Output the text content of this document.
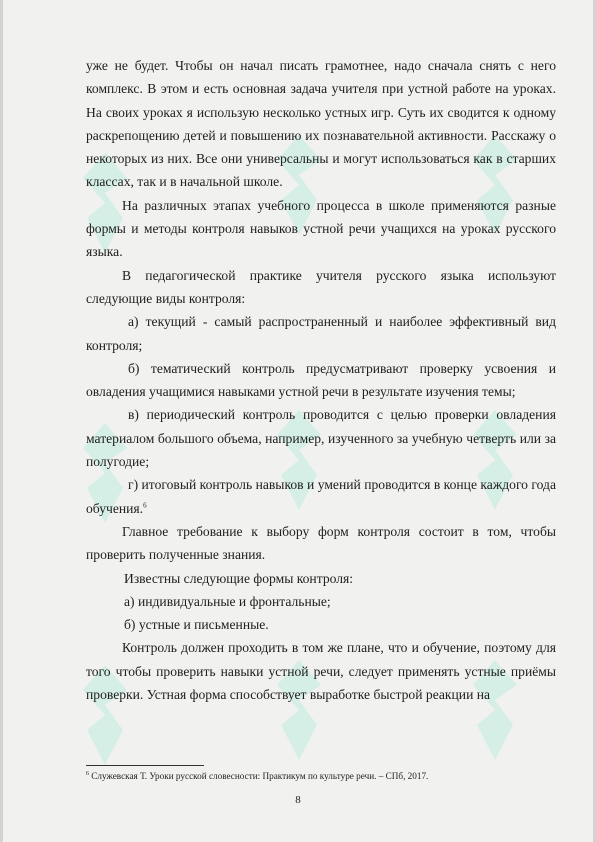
уже не будет. Чтобы он начал писать грамотнее, надо сначала снять с него комплекс. В этом и есть основная задача учителя при устной работе на уроках. На своих уроках я использую несколько устных игр. Суть их сводится к одному раскрепощению детей и повышению их познавательной активности. Расскажу о некоторых из них. Все они универсальны и могут использоваться как в старших классах, так и в начальной школе.

На различных этапах учебного процесса в школе применяются разные формы и методы контроля навыков устной речи учащихся на уроках русского языка.

В педагогической практике учителя русского языка используют следующие виды контроля:

а) текущий - самый распространенный и наиболее эффективный вид контроля;

б) тематический контроль предусматривают проверку усвоения и овладения учащимися навыками устной речи в результате изучения темы;

в) периодический контроль проводится с целью проверки овладения материалом большого объема, например, изученного за учебную четверть или за полугодие;

г) итоговый контроль навыков и умений проводится в конце каждого года обучения.$^6$

Главное требование к выбору форм контроля состоит в том, чтобы проверить полученные знания.

Известны следующие формы контроля:

а) индивидуальные и фронтальные;

б) устные и письменные.

Контроль должен проходить в том же плане, что и обучение, поэтому для того чтобы проверить навыки устной речи, следует применять устные приёмы проверки. Устная форма способствует выработке быстрой реакции на

$^6$ Служевская Т. Уроки русской словесности: Практикум по культуре речи. – СПб, 2017.
8
